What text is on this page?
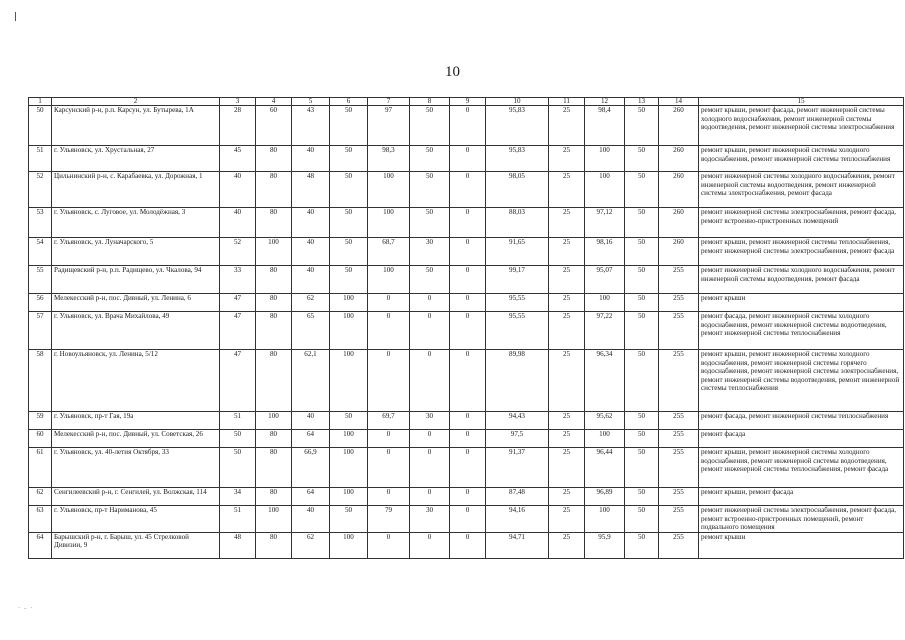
10
1	2	3	4	5	6	7	8	9	10	11	12	13	14	15
50	Карсунский р-н, р.п. Карсун, ул. Бутырева, 1А	28	60	43	50	97	50	0	95,83	25	98,4	50	260	ремонт крыши, ремонт фасада, ремонт инженерной системы холодного водоснабжения, ремонт инженерной системы водоотведения, ремонт инженерной системы электроснабжения
51	г. Ульяновск, ул. Хрустальная, 27	45	80	40	50	98,3	50	0	95,83	25	100	50	260	ремонт крыши, ремонт инженерной системы холодного водоснабжения, ремонт инженерной системы теплоснабжения
52	Цильнинский р-н, с. Карабаевка, ул. Дорожная, 1	40	80	48	50	100	50	0	98,05	25	100	50	260	ремонт инженерной системы холодного водоснабжения, ремонт инженерной системы водоотведения, ремонт инженерной системы электроснабжения, ремонт фасада
53	г. Ульяновск, с. Луговое, ул. Молодёжная, 3	40	80	40	50	100	50	0	88,03	25	97,12	50	260	ремонт инженерной системы электроснабжения, ремонт фасада, ремонт встроенно-пристроенных помещений
54	г. Ульяновск, ул. Луначарского, 5	52	100	40	50	68,7	30	0	91,65	25	98,16	50	260	ремонт крыши, ремонт инженерной системы теплоснабжения, ремонт инженерной системы электроснабжения, ремонт фасада
55	Радищевский р-н, р.п. Радищево, ул. Чкалова, 94	33	80	40	50	100	50	0	99,17	25	95,07	50	255	ремонт инженерной системы холодного водоснабжения, ремонт инженерной системы водоотведения, ремонт фасада
56	Мелекесский р-н, пос. Дивный, ул. Ленина, 6	47	80	62	100	0	0	0	95,55	25	100	50	255	ремонт крыши
57	г. Ульяновск, ул. Врача Михайлова, 49	47	80	65	100	0	0	0	95,55	25	97,22	50	255	ремонт фасада, ремонт инженерной системы холодного водоснабжения, ремонт инженерной системы водоотведения, ремонт инженерной системы теплоснабжения
58	г. Новоульяновск, ул. Ленина, 5/12	47	80	62,1	100	0	0	0	89,98	25	96,34	50	255	ремонт крыши, ремонт инженерной системы холодного водоснабжения, ремонт инженерной системы горячего водоснабжения, ремонт инженерной системы электроснабжения, ремонт инженерной системы водоотведения, ремонт инженерной системы теплоснабжения
59	г. Ульяновск, пр-т Гая, 19а	51	100	40	50	69,7	30	0	94,43	25	95,62	50	255	ремонт фасада, ремонт инженерной системы теплоснабжения
60	Мелекесский р-н, пос. Дивный, ул. Советская, 26	50	80	64	100	0	0	0	97,5	25	100	50	255	ремонт фасада
61	г. Ульяновск, ул. 40-летия Октября, 33	50	80	66,9	100	0	0	0	91,37	25	96,44	50	255	ремонт крыши, ремонт инженерной системы холодного водоснабжения, ремонт инженерной системы водоотведения, ремонт инженерной системы теплоснабжения, ремонт фасада
62	Сенгилеевский р-н, г. Сенгилей, ул. Волжская, 114	34	80	64	100	0	0	0	87,48	25	96,89	50	255	ремонт крыши, ремонт фасада
63	г. Ульяновск, пр-т Нариманова, 45	51	100	40	50	79	30	0	94,16	25	100	50	255	ремонт инженерной системы электроснабжения, ремонт фасада, ремонт встроенно-пристроенных помещений, ремонт подвального помещения
64	Барышский р-н, г. Барыш, ул. 45 Стрелковой Дивизии, 9	48	80	62	100	0	0	0	94,71	25	95,9	50	255	ремонт крыши
· - ·
